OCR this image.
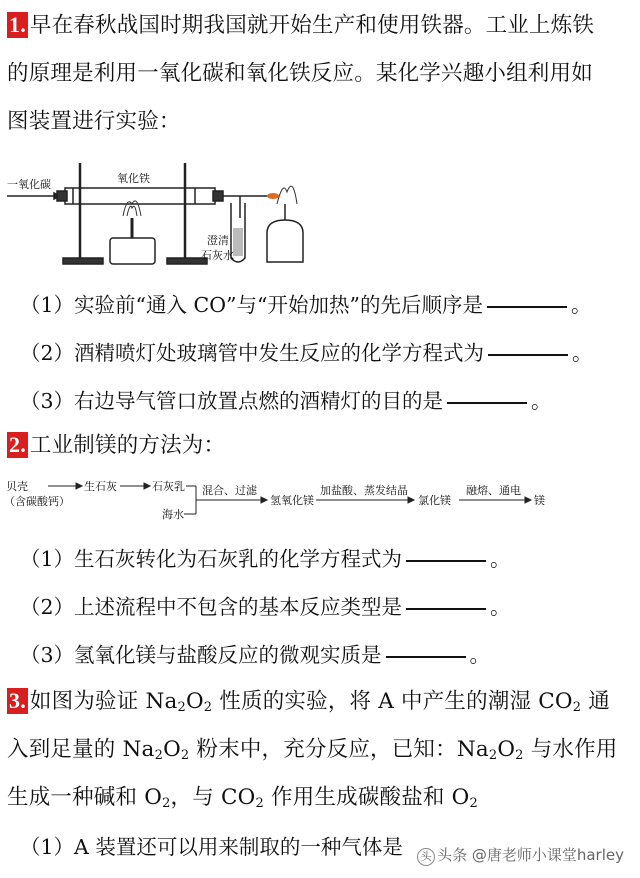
1. 早在春秋战国时期我国就开始生产和使用铁器。工业上炼铁
的原理是利用一氧化碳和氧化铁反应。某化学兴趣小组利用如
图装置进行实验：
一氧化碳	氧化铁
澄清
石灰水
（1）实验前“通入 CO”与“开始加热”的先后顺序是	。
（2）酒精喷灯处玻璃管中发生反应的化学方程式为	。
（3）右边导气管口放置点燃的酒精灯的目的是	。
2. 工业制镁的方法为：
贝壳
（含碳酸钙）
生石灰	石灰乳
海水
混合、过滤
氢氧化镁
加盐酸、蒸发结晶
氯化镁
融熔、通电
镁
（1）生石灰转化为石灰乳的化学方程式为	。
（2）上述流程中不包含的基本反应类型是	。
（3）氢氧化镁与盐酸反应的微观实质是	。
3. 如图为验证 $Na_2O_2$ 性质的实验，将 A 中产生的潮湿 $CO_2$ 通
入到足量的 $Na_2O_2$ 粉末中，充分反应，已知：$Na_2O_2$ 与水作用
生成一种碱和 $O_2$，与 $CO_2$ 作用生成碳酸盐和 $O_2$
（1）A 装置还可以用来制取的一种气体是	头 头条 @唐老师小课堂harley
